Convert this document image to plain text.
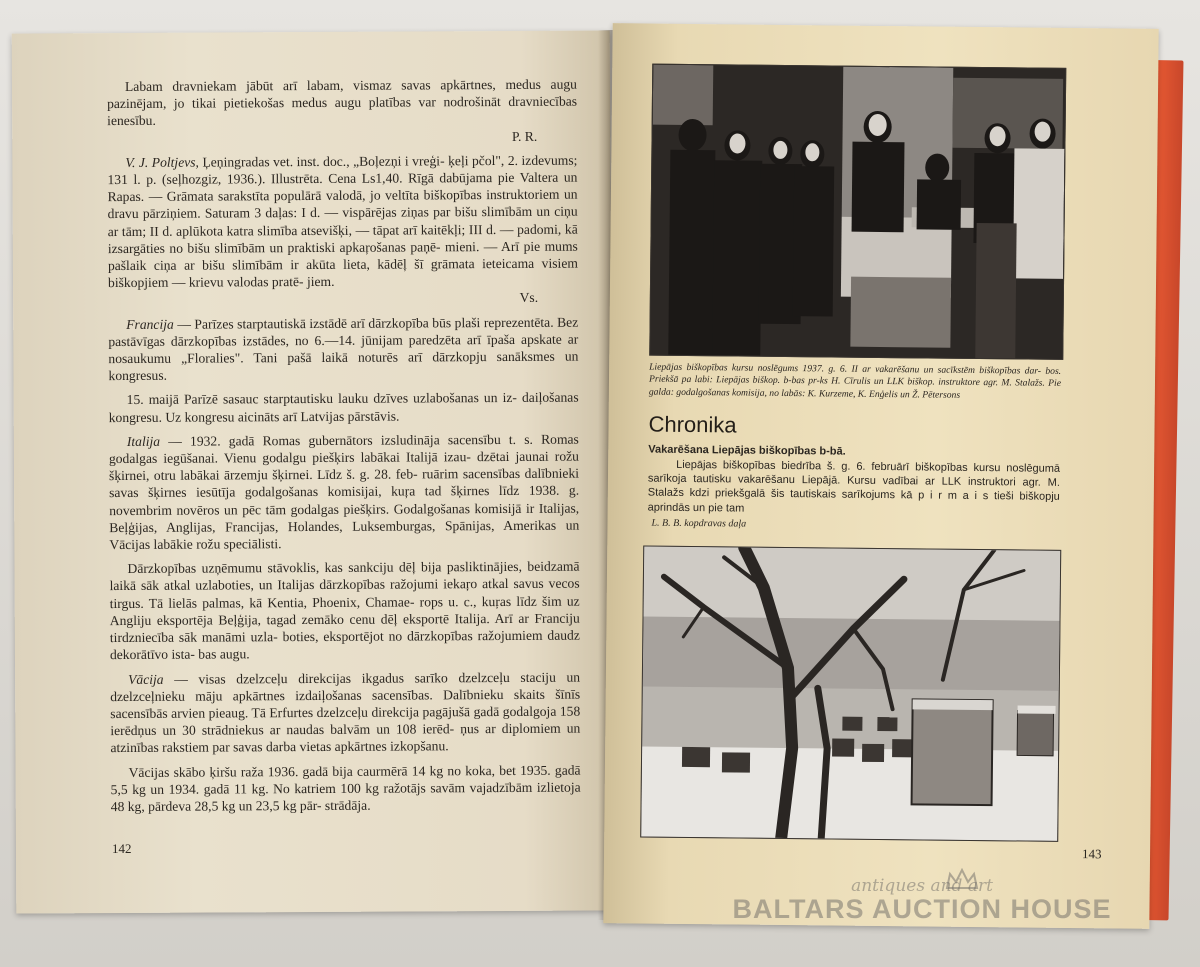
Labam dravniekam jābūt arī labam, vismaz savas apkārtnes, medus augu pazinējam, jo tikai pietiekošas medus augu platības var nodrošināt dravniecības ienesību.

P. R.

V. J. Poltjevs, Ļeņingradas vet. inst. doc., „Boļezņi i vreģi- ķeļi pčol", 2. izdevums; 131 l. p. (seļhozgiz, 1936.). Illustrēta. Cena Ls1,40. Rīgā dabūjama pie Valtera un Rapas. — Grāmata sarakstīta populārā valodā, jo veltīta biškopības instruktoriem un dravu pārziņiem. Saturam 3 daļas: I d. — vispārējas ziņas par bišu slimībām un ciņu ar tām; II d. aplūkota katra slimība atsevišķi, — tāpat arī kaitēkļi; III d. — padomi, kā izsargāties no bišu slimībām un praktiski apkaŗošanas paņē- mieni. — Arī pie mums pašlaik ciņa ar bišu slimībām ir akūta lieta, kādēļ šī grāmata ieteicama visiem biškopjiem — krievu valodas pratē- jiem.

Vs.

Francija — Parīzes starptautiskā izstādē arī dārzkopība būs plaši reprezentēta. Bez pastāvīgas dārzkopības izstādes, no 6.—14. jūnijam paredzēta arī īpaša apskate ar nosaukumu „Floralies". Tani pašā laikā noturēs arī dārzkopju sanāksmes un kongresus.

15. maijā Parīzē sasauc starptautisku lauku dzīves uzlabošanas un iz- daiļošanas kongresu. Uz kongresu aicināts arī Latvijas pārstāvis.

Italija — 1932. gadā Romas gubernātors izsludināja sacensību t. s. Romas godalgas iegūšanai. Vienu godalgu piešķirs labākai Italijā izau- dzētai jaunai rožu šķirnei, otru labākai ārzemju šķirnei. Līdz š. g. 28. feb- ruārim sacensības dalībnieki savas šķirnes iesūtīja godalgošanas komisijai, kuŗa tad šķirnes līdz 1938. g. novembrim novēros un pēc tām godalgas piešķirs. Godalgošanas komisijā ir Italijas, Beļģijas, Anglijas, Francijas, Holandes, Luksemburgas, Spānijas, Amerikas un Vācijas labākie rožu speciālisti.

Dārzkopības uzņēmumu stāvoklis, kas sankciju dēļ bija pasliktinājies, beidzamā laikā sāk atkal uzlaboties, un Italijas dārzkopības ražojumi iekaŗo atkal savus vecos tirgus. Tā lielās palmas, kā Kentia, Phoenix, Chamae- rops u. c., kuŗas līdz šim uz Angliju eksportēja Beļģija, tagad zemāko cenu dēļ eksportē Italija. Arī ar Franciju tirdzniecība sāk manāmi uzla- boties, eksportējot no dārzkopības ražojumiem daudz dekorātīvo ista- bas augu.

Vācija — visas dzelzceļu direkcijas ikgadus sarīko dzelzceļu staciju un dzelzceļnieku māju apkārtnes izdaiļošanas sacensības. Dalībnieku skaits šīnīs sacensībās arvien pieaug. Tā Erfurtes dzelzceļu direkcija pagājušā gadā godalgoja 158 ierēdņus un 30 strādniekus ar naudas balvām un 108 ierēd- ņus ar diplomiem un atzinības rakstiem par savas darba vietas apkārtnes izkopšanu.

Vācijas skābo ķiršu raža 1936. gadā bija caurmērā 14 kg no koka, bet 1935. gadā 5,5 kg un 1934. gadā 11 kg. No katriem 100 kg ražotājs savām vajadzībām izlietoja 48 kg, pārdeva 28,5 kg un 23,5 kg pār- strādāja.

142
Liepājas biškopības kursu noslēgums 1937. g. 6. II ar vakarēšanu un sacīkstēm biškopības dar- bos. Priekšā pa labi: Liepājas biškop. b-bas pr-ks H. Cīrulis un LLK biškop. instruktore agr. M. Stalažs. Pie galda: godalgošanas komisija, no labās: K. Kurzeme, K. Enģelis un Ž. Pētersons
Chronika
Vakarēšana Liepājas biškopības b-bā.

Liepājas biškopības biedrība š. g. 6. februārī biškopības kursu noslēgumā sarīkoja tautisku vakarēšanu Liepājā. Kursu vadībai ar LLK instruktori agr. M. Stalažs kdzi priekšgalā šis tautiskais sarīkojums kā p i r m a i s tieši biškopju aprindās un pie tam

L. B. B. kopdravas daļa
143
antiques and art
BALTARS AUCTION HOUSE
